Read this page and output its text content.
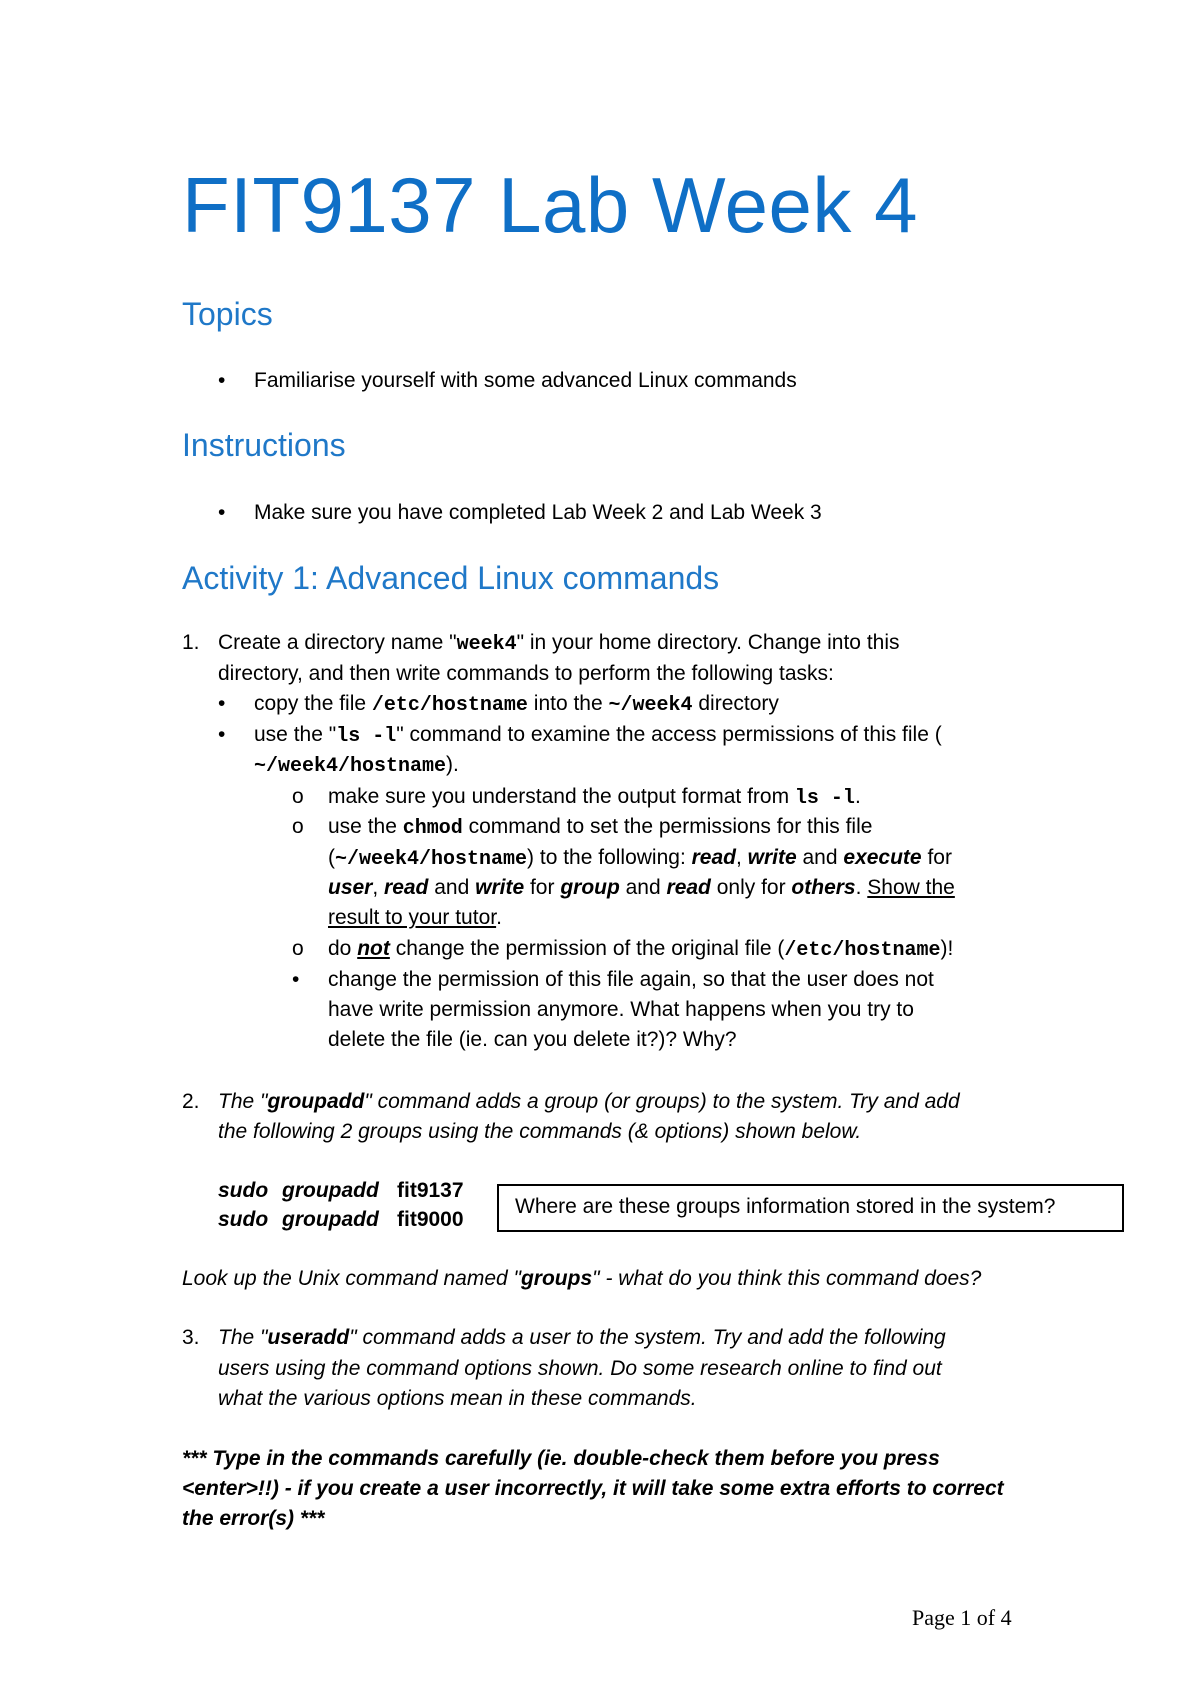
FIT9137 Lab Week 4
Topics
• Familiarise yourself with some advanced Linux commands
Instructions
• Make sure you have completed Lab Week 2 and Lab Week 3
Activity 1: Advanced Linux commands
1. Create a directory name "week4" in your home directory. Change into this
directory, and then write commands to perform the following tasks:
• copy the file /etc/hostname into the ~/week4 directory
• use the "ls -l" command to examine the access permissions of this file (
~/week4/hostname).
o make sure you understand the output format from ls -l.
o use the chmod command to set the permissions for this file
(~/week4/hostname) to the following: read, write and execute for
user, read and write for group and read only for others. Show the
result to your tutor.
o do not change the permission of the original file (/etc/hostname)!
• change the permission of this file again, so that the user does not
have write permission anymore. What happens when you try to
delete the file (ie. can you delete it?)? Why?
2. The "groupadd" command adds a group (or groups) to the system. Try and add
the following 2 groups using the commands (& options) shown below.
sudo groupadd fit9137
sudo groupadd fit9000
Where are these groups information stored in the system?
Look up the Unix command named "groups" - what do you think this command does?
3. The "useradd" command adds a user to the system. Try and add the following
users using the command options shown. Do some research online to find out
what the various options mean in these commands.
*** Type in the commands carefully (ie. double-check them before you press
<enter>!!) - if you create a user incorrectly, it will take some extra efforts to correct
the error(s) ***
Page 1 of 4
